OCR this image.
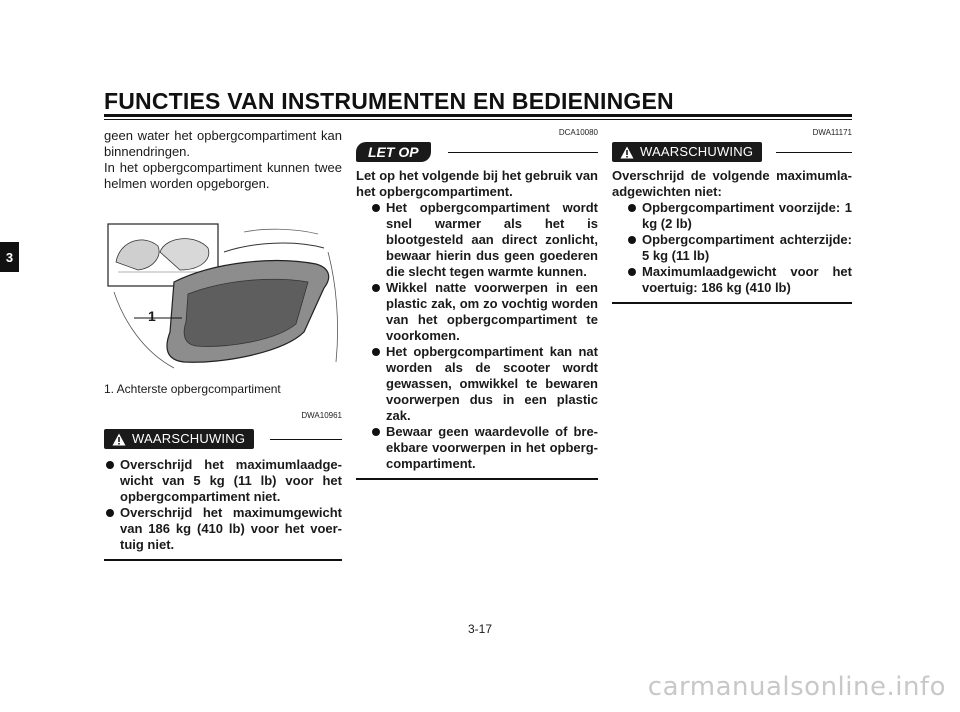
FUNCTIES VAN INSTRUMENTEN EN BEDIENINGEN
3

geen water het opbergcompartiment kan binnendringen.

In het opbergcompartiment kunnen twee helmen worden opgeborgen.

1
1. Achterste opbergcompartiment
DWA10961
WAARSCHUWING
Overschrijd het maximumlaadge-wicht van 5 kg (11 lb) voor het opbergcompartiment niet.
Overschrijd het maximumgewicht van 186 kg (410 lb) voor het voer-tuig niet.
DCA10080
LET OP

Let op het volgende bij het gebruik van het opbergcompartiment.

Het opbergcompartiment wordt snel warmer als het is blootgesteld aan direct zonlicht, bewaar hierin dus geen goederen die slecht tegen warmte kunnen.
Wikkel natte voorwerpen in een plastic zak, om zo vochtig worden van het opbergcompartiment te voorkomen.
Het opbergcompartiment kan nat worden als de scooter wordt gewassen, omwikkel te bewaren voorwerpen dus in een plastic zak.
Bewaar geen waardevolle of bre-ekbare voorwerpen in het opberg-compartiment.
DWA11171
WAARSCHUWING

Overschrijd de volgende maximumla-adgewichten niet:

Opbergcompartiment voorzijde: 1 kg (2 lb)
Opbergcompartiment achterzijde: 5 kg (11 lb)
Maximumlaadgewicht voor het voertuig: 186 kg (410 lb)
3-17
carmanualsonline.info
